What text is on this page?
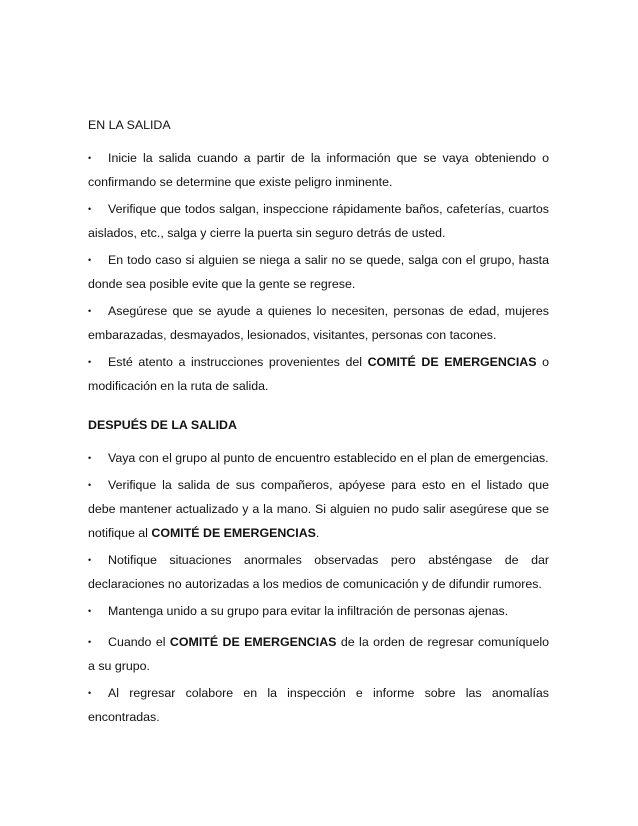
EN LA SALIDA

• Inicie la salida cuando a partir de la información que se vaya obteniendo o confirmando se determine que existe peligro inminente.

• Verifique que todos salgan, inspeccione rápidamente baños, cafeterías, cuartos aislados, etc., salga y cierre la puerta sin seguro detrás de usted.

• En todo caso si alguien se niega a salir no se quede, salga con el grupo, hasta donde sea posible evite que la gente se regrese.

• Asegúrese que se ayude a quienes lo necesiten, personas de edad, mujeres embarazadas, desmayados, lesionados, visitantes, personas con tacones.

• Esté atento a instrucciones provenientes del COMITÉ DE EMERGENCIAS o modificación en la ruta de salida.

DESPUÉS DE LA SALIDA

• Vaya con el grupo al punto de encuentro establecido en el plan de emergencias.

• Verifique la salida de sus compañeros, apóyese para esto en el listado que debe mantener actualizado y a la mano. Si alguien no pudo salir asegúrese que se notifique al COMITÉ DE EMERGENCIAS.

• Notifique situaciones anormales observadas pero absténgase de dar declaraciones no autorizadas a los medios de comunicación y de difundir rumores.

• Mantenga unido a su grupo para evitar la infiltración de personas ajenas.

• Cuando el COMITÉ DE EMERGENCIAS de la orden de regresar comuníquelo a su grupo.

• Al regresar colabore en la inspección e informe sobre las anomalías encontradas.
